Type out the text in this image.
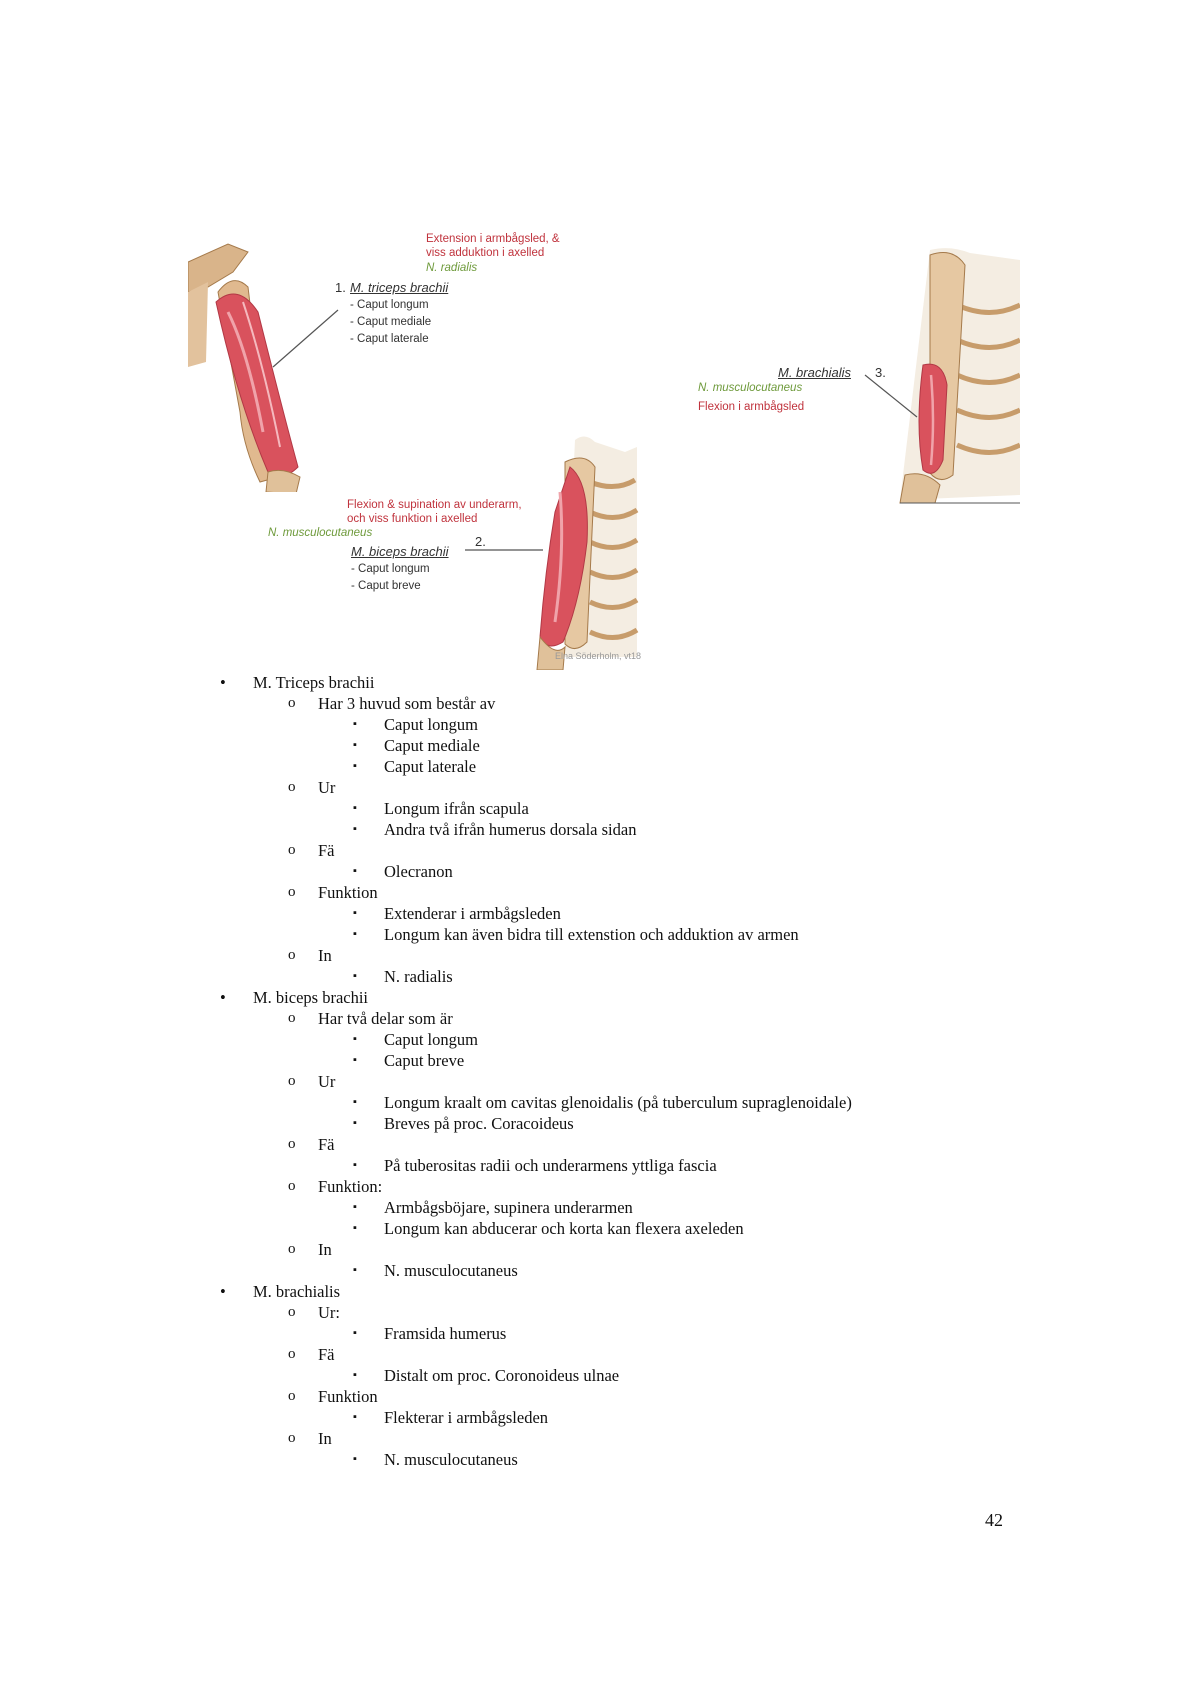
Extension i armbågsled, &
viss adduktion i axelled
N. radialis
1. M. triceps brachii
- Caput longum
- Caput mediale
- Caput laterale
Flexion & supination av underarm,
och viss funktion i axelled
N. musculocutaneus
M. biceps brachii
2.
- Caput longum
- Caput breve
Elna Söderholm, vt18
M. brachialis 3.
N. musculocutaneus
Flexion i armbågsled
• M. Triceps brachii
o Har 3 huvud som består av
▪ Caput longum
▪ Caput mediale
▪ Caput laterale
o Ur
▪ Longum ifrån scapula
▪ Andra två ifrån humerus dorsala sidan
o Fä
▪ Olecranon
o Funktion
▪ Extenderar i armbågsleden
▪ Longum kan även bidra till extenstion och adduktion av armen
o In
▪ N. radialis
• M. biceps brachii
o Har två delar som är
▪ Caput longum
▪ Caput breve
o Ur
▪ Longum kraalt om cavitas glenoidalis (på tuberculum supraglenoidale)
▪ Breves på proc. Coracoideus
o Fä
▪ På tuberositas radii och underarmens yttliga fascia
o Funktion:
▪ Armbågsböjare, supinera underarmen
▪ Longum kan abducerar och korta kan flexera axeleden
o In
▪ N. musculocutaneus
• M. brachialis
o Ur:
▪ Framsida humerus
o Fä
▪ Distalt om proc. Coronoideus ulnae
o Funktion
▪ Flekterar i armbågsleden
o In
▪ N. musculocutaneus
42
